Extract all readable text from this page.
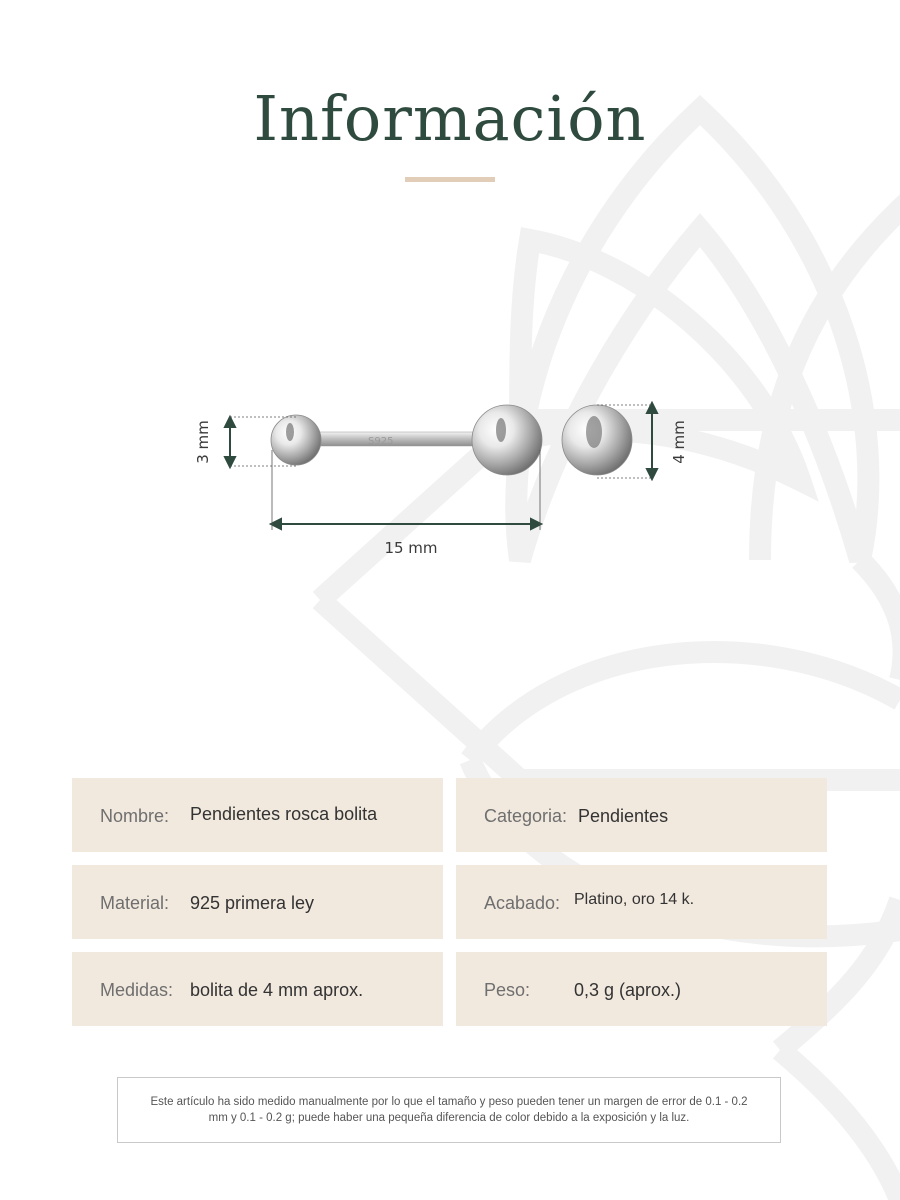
Información
S925
3 mm	4 mm
15 mm
Nombre: Pendientes rosca bolita	Categoria: Pendientes
Material: 925 primera ley	Acabado: Platino, oro 14 k.
Medidas: bolita de 4 mm aprox.	Peso: 0,3 g (aprox.)
Este artículo ha sido medido manualmente por lo que el tamaño y peso pueden tener un margen de error de 0.1 - 0.2 mm y 0.1 - 0.2 g; puede haber una pequeña diferencia de color debido a la exposición y la luz.
